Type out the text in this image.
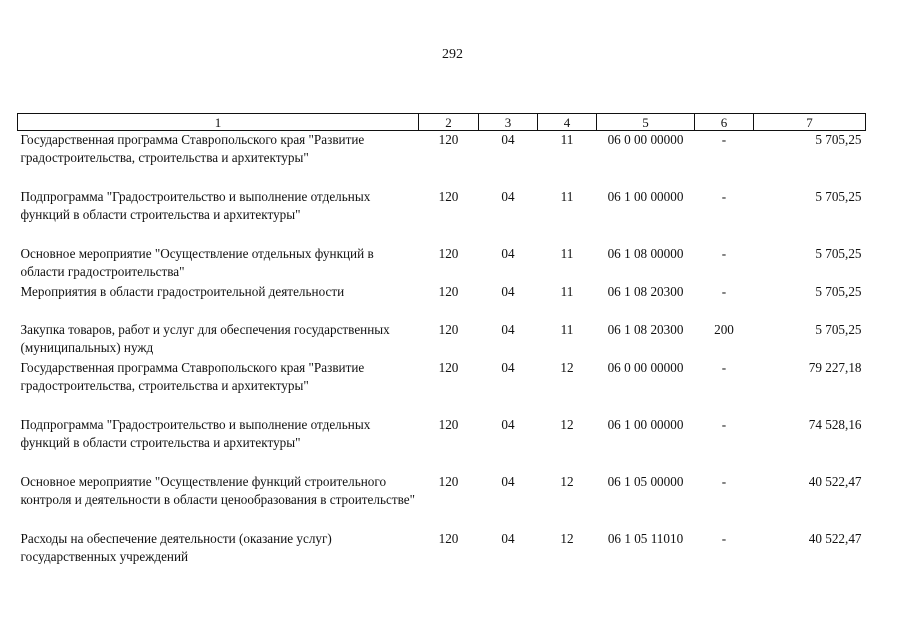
292
1	2	3	4	5	6	7
Государственная программа Ставропольского края "Развитие градостроительства, строительства и архитектуры"	120	04	11	06 0 00 00000	-	5 705,25
Подпрограмма "Градостроительство и выполнение отдельных функций в области строительства и архитектуры"	120	04	11	06 1 00 00000	-	5 705,25
Основное мероприятие "Осуществление отдельных функций в области градостроительства"	120	04	11	06 1 08 00000	-	5 705,25
Мероприятия в области градостроительной деятельности	120	04	11	06 1 08 20300	-	5 705,25
Закупка товаров, работ и услуг для обеспечения государственных (муниципальных) нужд	120	04	11	06 1 08 20300	200	5 705,25
Государственная программа Ставропольского края "Развитие градостроительства, строительства и архитектуры"	120	04	12	06 0 00 00000	-	79 227,18
Подпрограмма "Градостроительство и выполнение отдельных функций в области строительства и архитектуры"	120	04	12	06 1 00 00000	-	74 528,16
Основное мероприятие "Осуществление функций строительного контроля и деятельности в области ценообразования в строительстве"	120	04	12	06 1 05 00000	-	40 522,47
Расходы на обеспечение деятельности (оказание услуг) государственных учреждений	120	04	12	06 1 05 11010	-	40 522,47
